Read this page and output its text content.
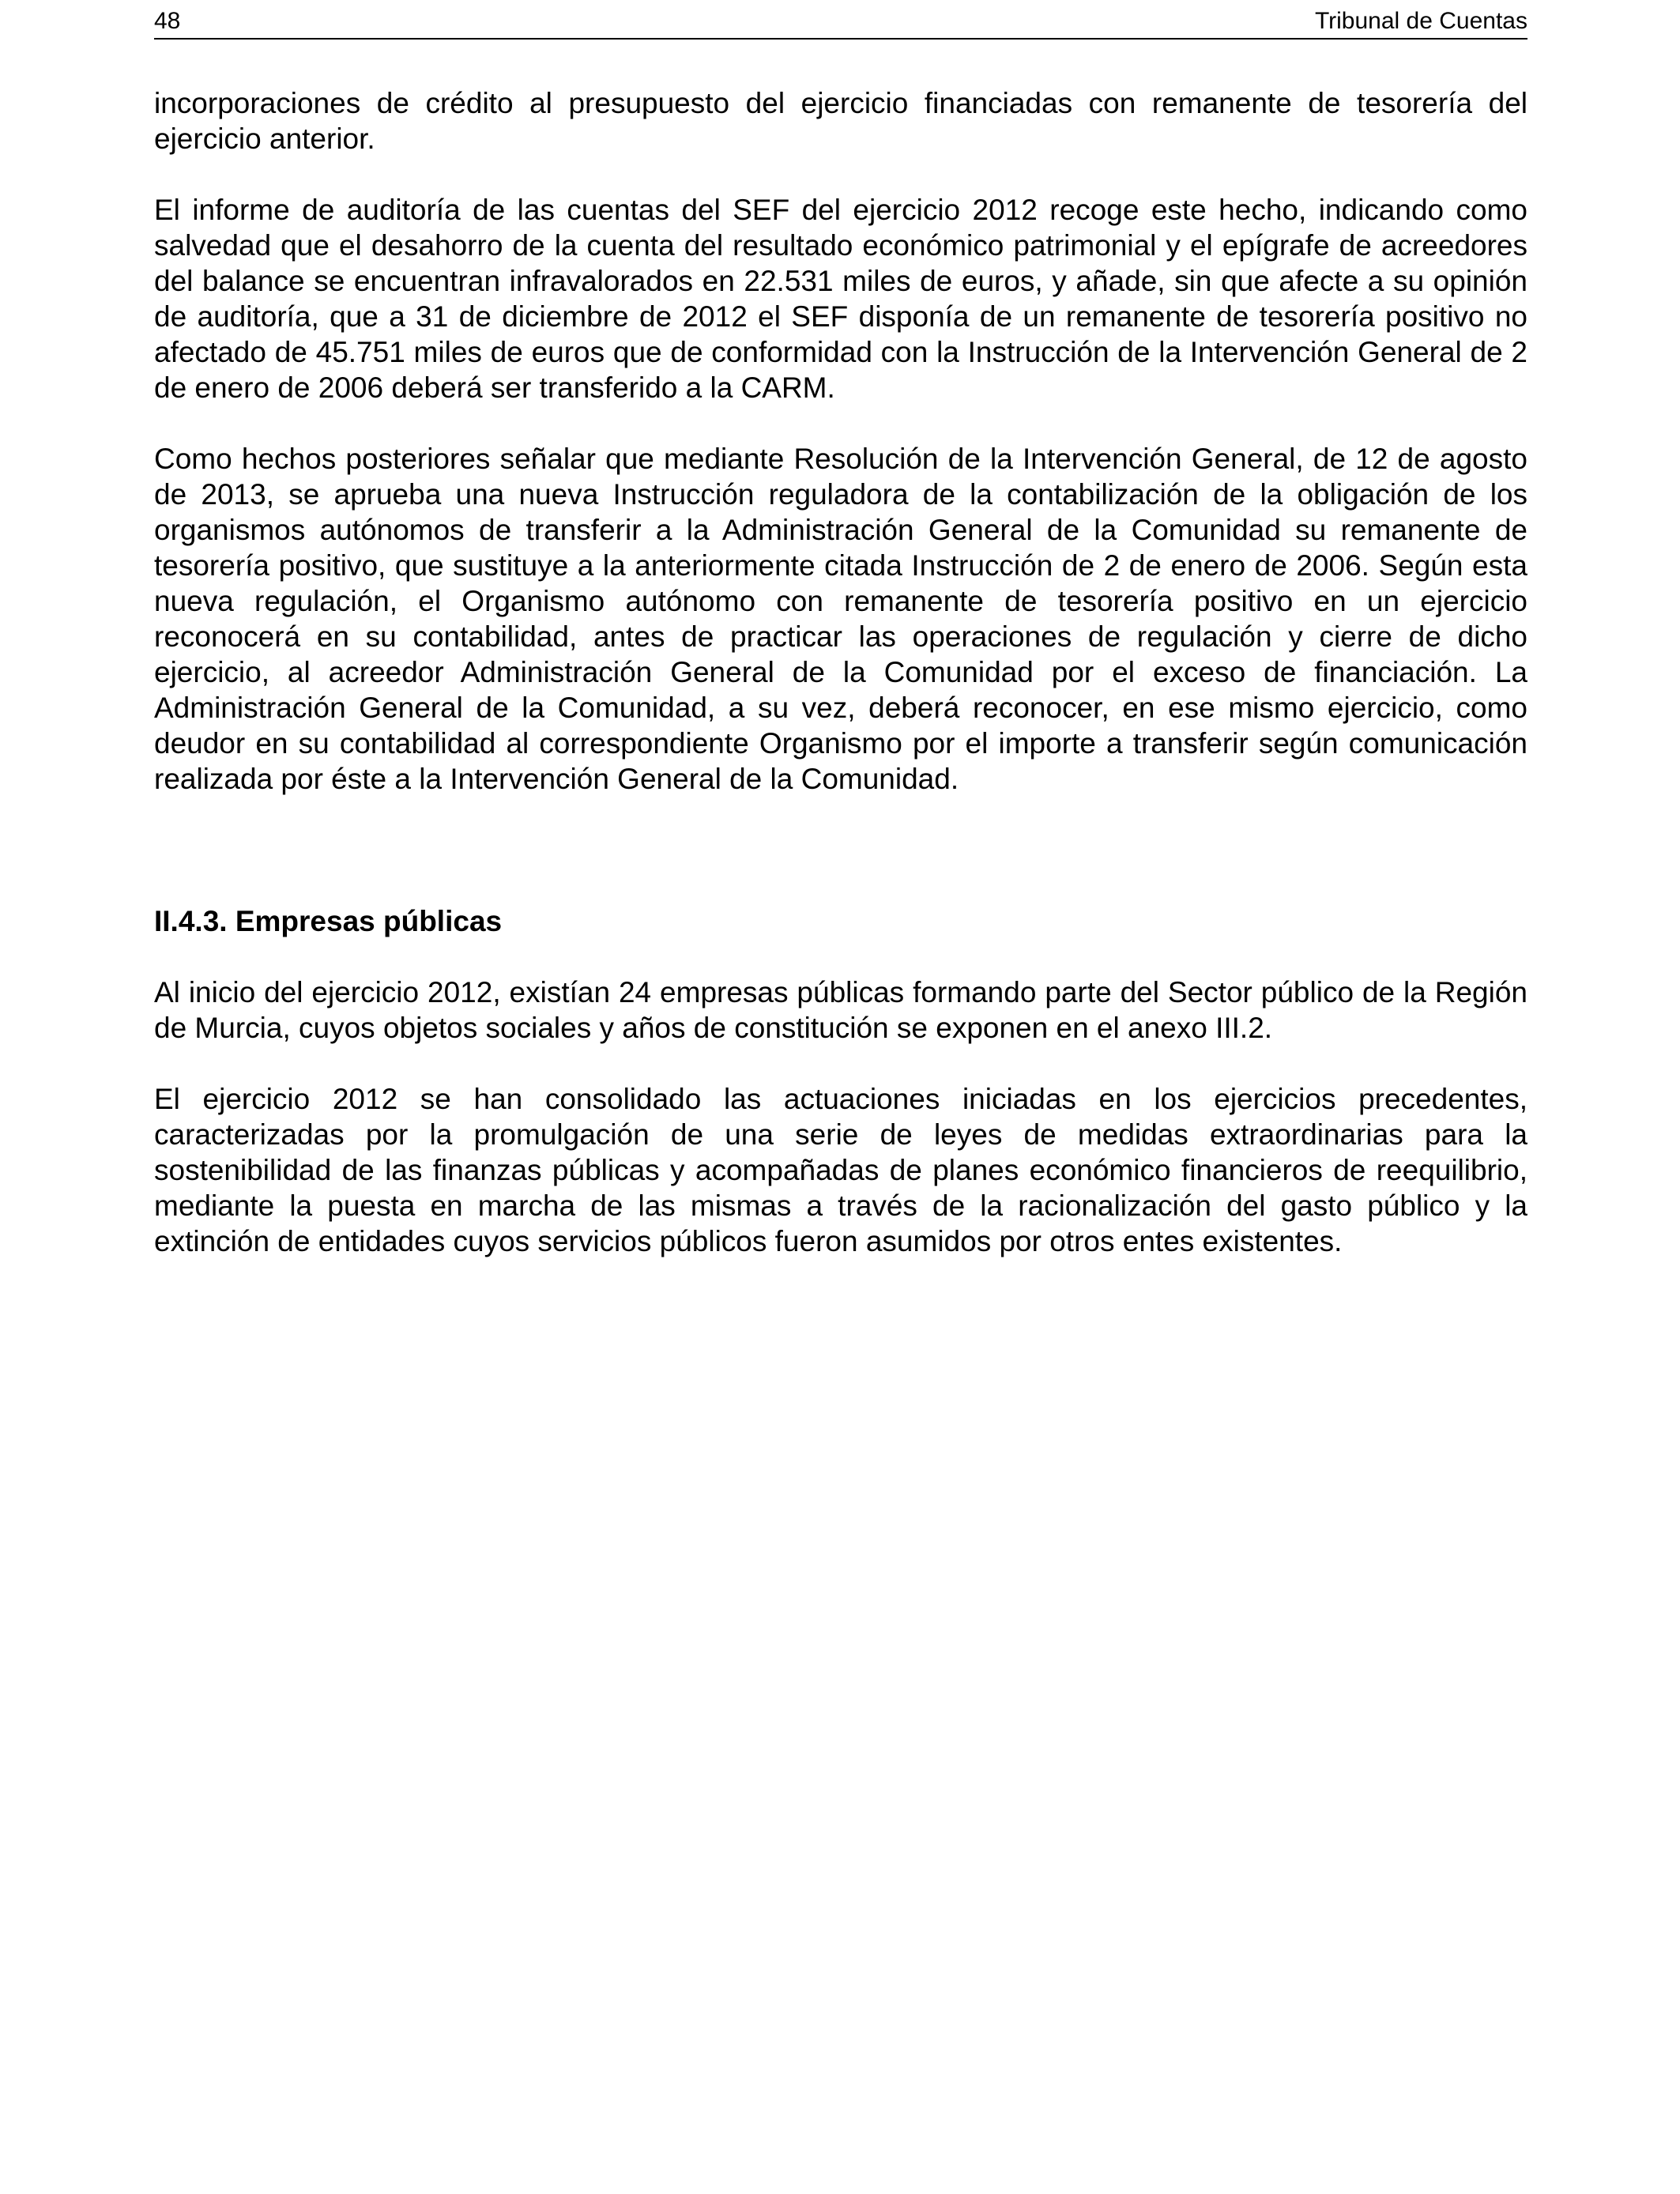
48	Tribunal de Cuentas

incorporaciones de crédito al presupuesto del ejercicio financiadas con remanente de tesorería del ejercicio anterior.

El informe de auditoría de las cuentas del SEF del ejercicio 2012 recoge este hecho, indicando como salvedad que el desahorro de la cuenta del resultado económico patrimonial y el epígrafe de acreedores del balance se encuentran infravalorados en 22.531 miles de euros, y añade, sin que afecte a su opinión de auditoría, que a 31 de diciembre de 2012 el SEF disponía de un remanente de tesorería positivo no afectado de 45.751 miles de euros que de conformidad con la Instrucción de la Intervención General de 2 de enero de 2006 deberá ser transferido a la CARM.

Como hechos posteriores señalar que mediante Resolución de la Intervención General, de 12 de agosto de 2013, se aprueba una nueva Instrucción reguladora de la contabilización de la obligación de los organismos autónomos de transferir a la Administración General de la Comunidad su remanente de tesorería positivo, que sustituye a la anteriormente citada Instrucción de 2 de enero de 2006. Según esta nueva regulación, el Organismo autónomo con remanente de tesorería positivo en un ejercicio reconocerá en su contabilidad, antes de practicar las operaciones de regulación y cierre de dicho ejercicio, al acreedor Administración General de la Comunidad por el exceso de financiación. La Administración General de la Comunidad, a su vez, deberá reconocer, en ese mismo ejercicio, como deudor en su contabilidad al correspondiente Organismo por el importe a transferir según comunicación realizada por éste a la Intervención General de la Comunidad.

II.4.3. Empresas públicas

Al inicio del ejercicio 2012, existían 24 empresas públicas formando parte del Sector público de la Región de Murcia, cuyos objetos sociales y años de constitución se exponen en el anexo III.2.

El ejercicio 2012 se han consolidado las actuaciones iniciadas en los ejercicios precedentes, caracterizadas por la promulgación de una serie de leyes de medidas extraordinarias para la sostenibilidad de las finanzas públicas y acompañadas de planes económico financieros de reequilibrio, mediante la puesta en marcha de las mismas a través de la racionalización del gasto público y la extinción de entidades cuyos servicios públicos fueron asumidos por otros entes existentes.
